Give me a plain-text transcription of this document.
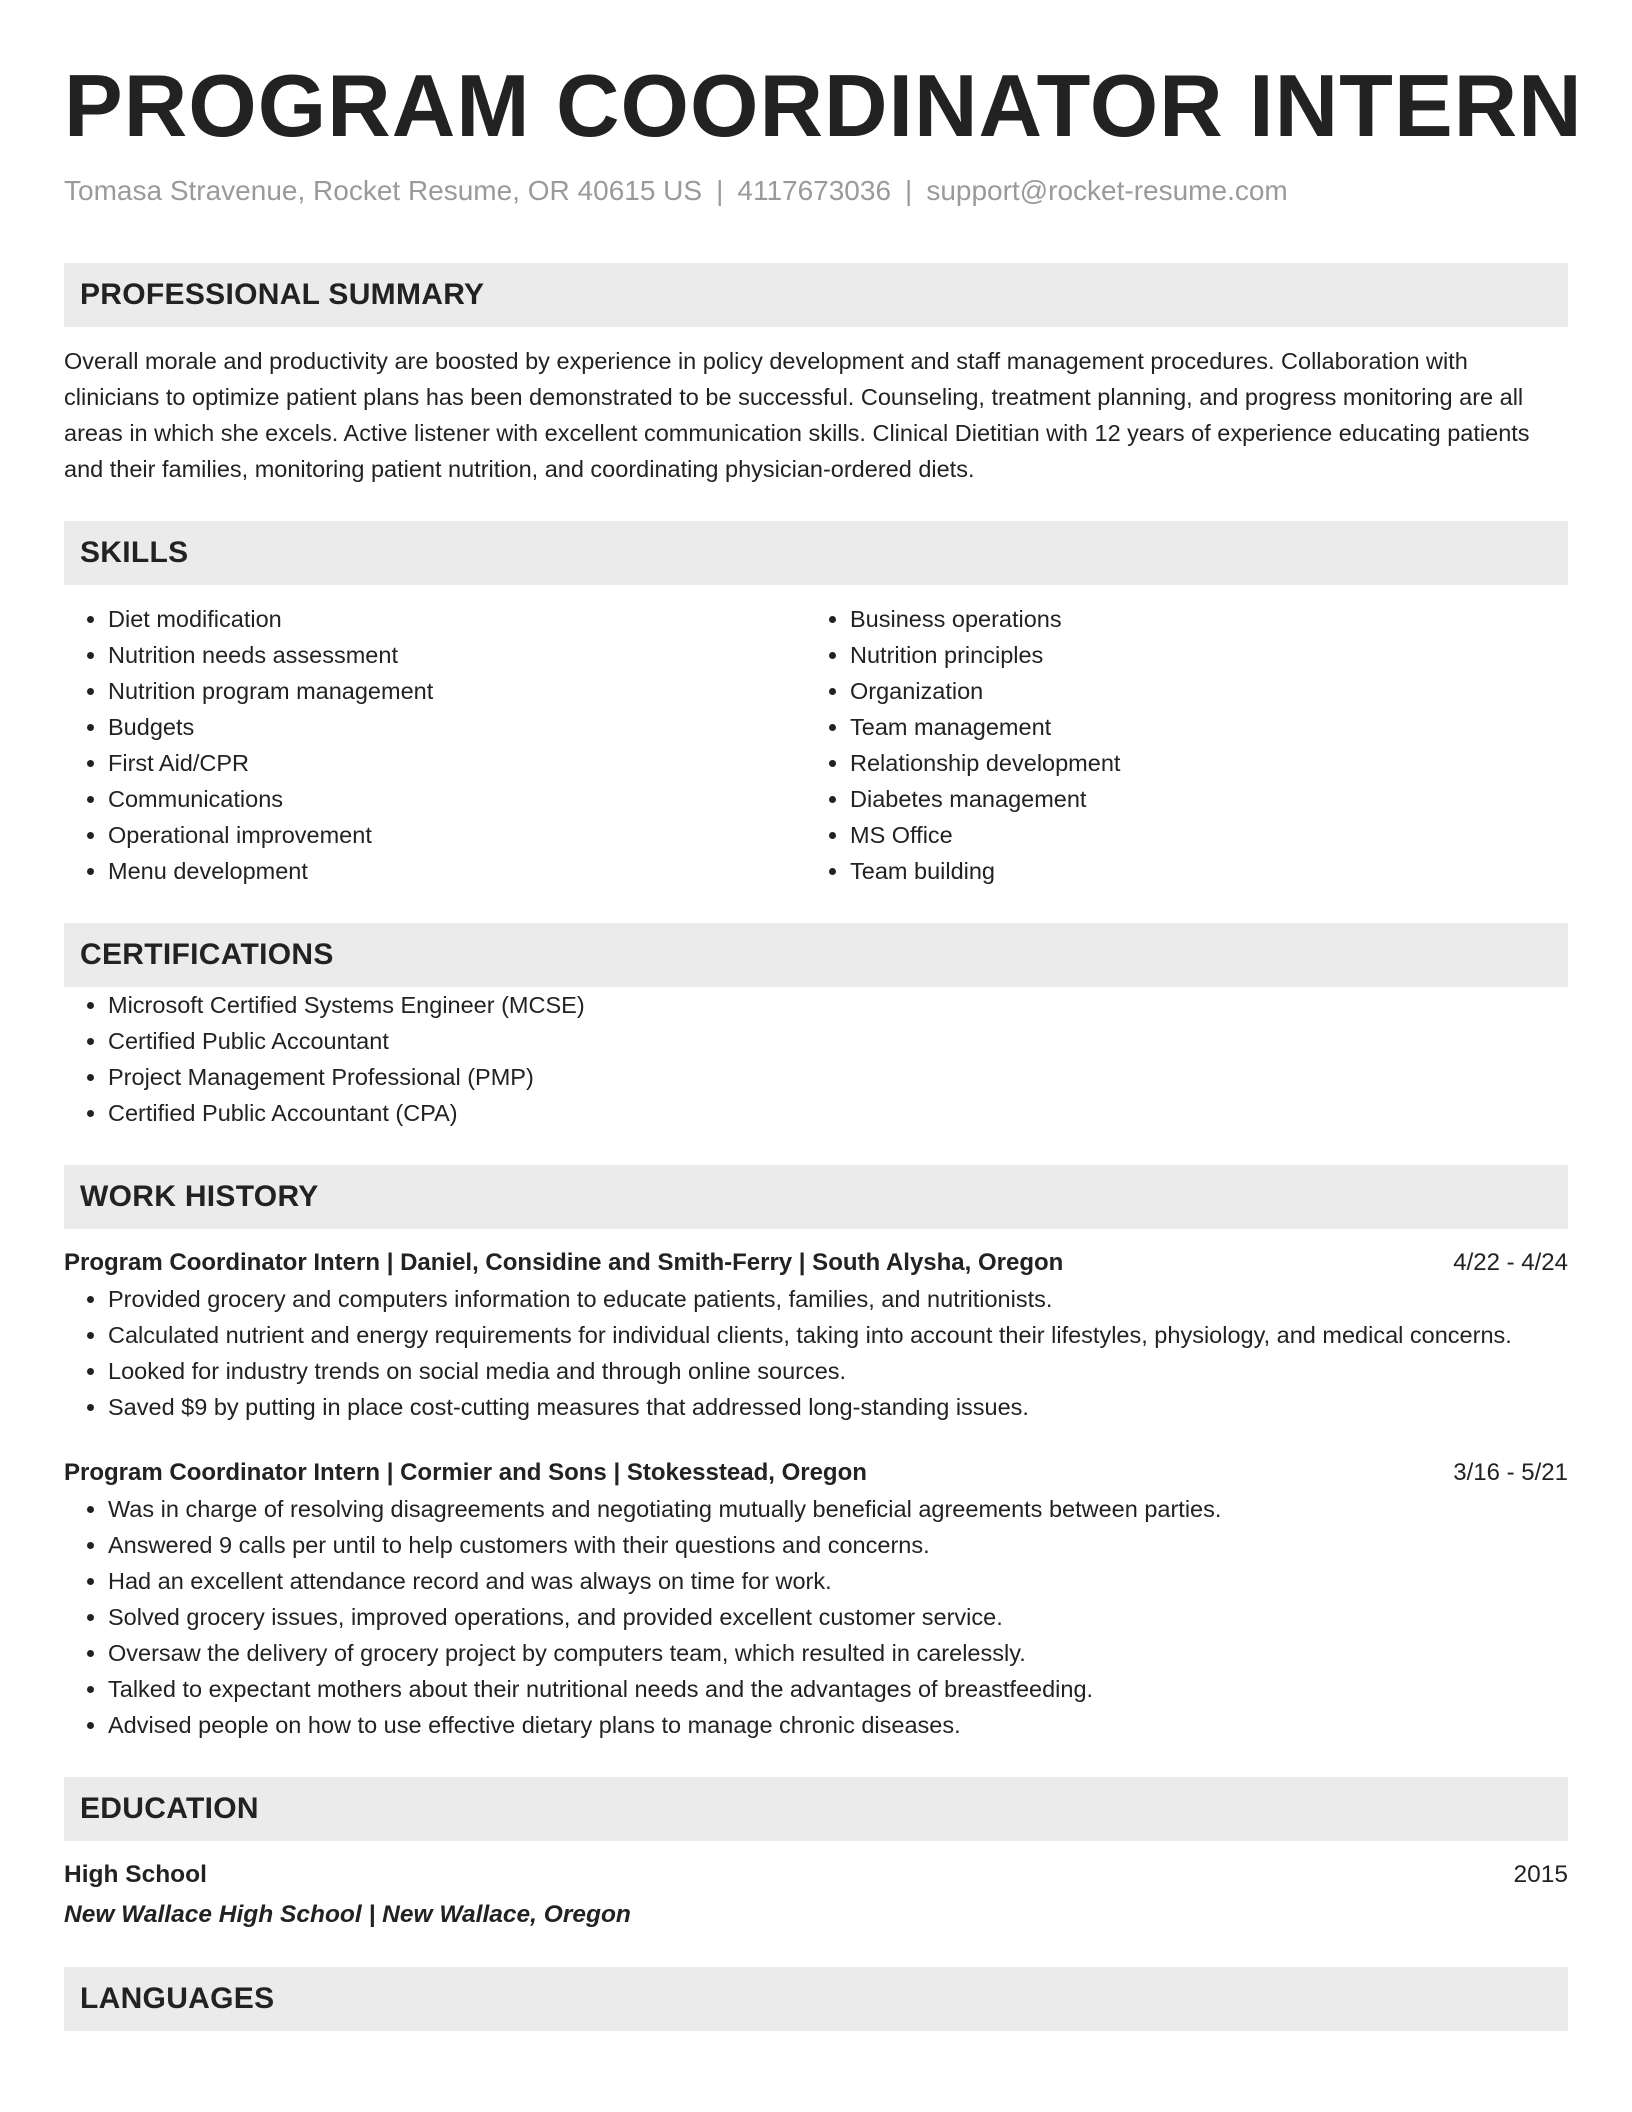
PROGRAM COORDINATOR INTERN
Tomasa Stravenue, Rocket Resume, OR 40615 US | 4117673036 | support@rocket-resume.com
PROFESSIONAL SUMMARY
Overall morale and productivity are boosted by experience in policy development and staff management procedures. Collaboration with clinicians to optimize patient plans has been demonstrated to be successful. Counseling, treatment planning, and progress monitoring are all areas in which she excels. Active listener with excellent communication skills. Clinical Dietitian with 12 years of experience educating patients and their families, monitoring patient nutrition, and coordinating physician-ordered diets.
SKILLS
• Diet modification
• Nutrition needs assessment
• Nutrition program management
• Budgets
• First Aid/CPR
• Communications
• Operational improvement
• Menu development
• Business operations
• Nutrition principles
• Organization
• Team management
• Relationship development
• Diabetes management
• MS Office
• Team building
CERTIFICATIONS
• Microsoft Certified Systems Engineer (MCSE)
• Certified Public Accountant
• Project Management Professional (PMP)
• Certified Public Accountant (CPA)
WORK HISTORY
Program Coordinator Intern | Daniel, Considine and Smith-Ferry | South Alysha, Oregon	4/22 - 4/24
• Provided grocery and computers information to educate patients, families, and nutritionists.
• Calculated nutrient and energy requirements for individual clients, taking into account their lifestyles, physiology, and medical concerns.
• Looked for industry trends on social media and through online sources.
• Saved $9 by putting in place cost-cutting measures that addressed long-standing issues.
Program Coordinator Intern | Cormier and Sons | Stokesstead, Oregon	3/16 - 5/21
• Was in charge of resolving disagreements and negotiating mutually beneficial agreements between parties.
• Answered 9 calls per until to help customers with their questions and concerns.
• Had an excellent attendance record and was always on time for work.
• Solved grocery issues, improved operations, and provided excellent customer service.
• Oversaw the delivery of grocery project by computers team, which resulted in carelessly.
• Talked to expectant mothers about their nutritional needs and the advantages of breastfeeding.
• Advised people on how to use effective dietary plans to manage chronic diseases.
EDUCATION
High School	2015
New Wallace High School | New Wallace, Oregon
LANGUAGES
